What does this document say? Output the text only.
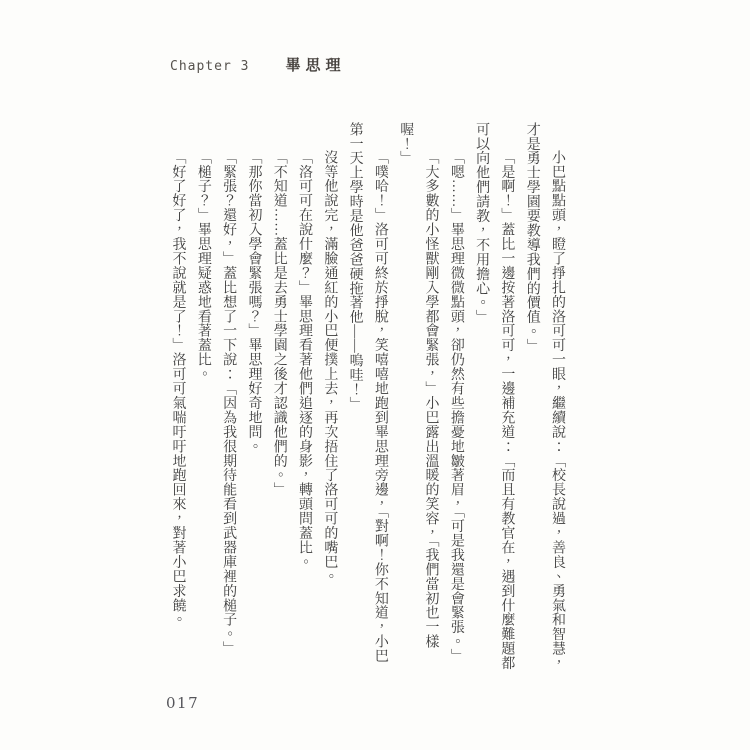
Chapter 3 畢思理

小巴點點頭，瞪了掙扎的洛可可一眼，繼續說：「校長說過，善良、勇氣和智慧，才是勇士學園要教導我們的價值。」

「是啊！」蓋比一邊按著洛可可，一邊補充道：「而且有教官在，遇到什麼難題都可以向他們請教，不用擔心。」

「嗯……」畢思理微微點頭，卻仍然有些擔憂地皺著眉，「可是我還是會緊張。」

「大多數的小怪獸剛入學都會緊張，」小巴露出溫暖的笑容，「我們當初也一樣喔！」

「噗哈！」洛可可終於掙脫，笑嘻嘻地跑到畢思理旁邊，「對啊！你不知道，小巴第一天上學時是他爸爸硬拖著他——嗚哇！」

沒等他說完，滿臉通紅的小巴便撲上去，再次捂住了洛可可的嘴巴。

「洛可可在說什麼？」畢思理看著他們追逐的身影，轉頭問蓋比。

「不知道……蓋比是去勇士學園之後才認識他們的。」

「那你當初入學會緊張嗎？」畢思理好奇地問。

「緊張？還好，」蓋比想了一下說：「因為我很期待能看到武器庫裡的槌子。」

「槌子？」畢思理疑惑地看著蓋比。

「好了好了，我不說就是了！」洛可可氣喘吁吁地跑回來，對著小巴求饒。

017
